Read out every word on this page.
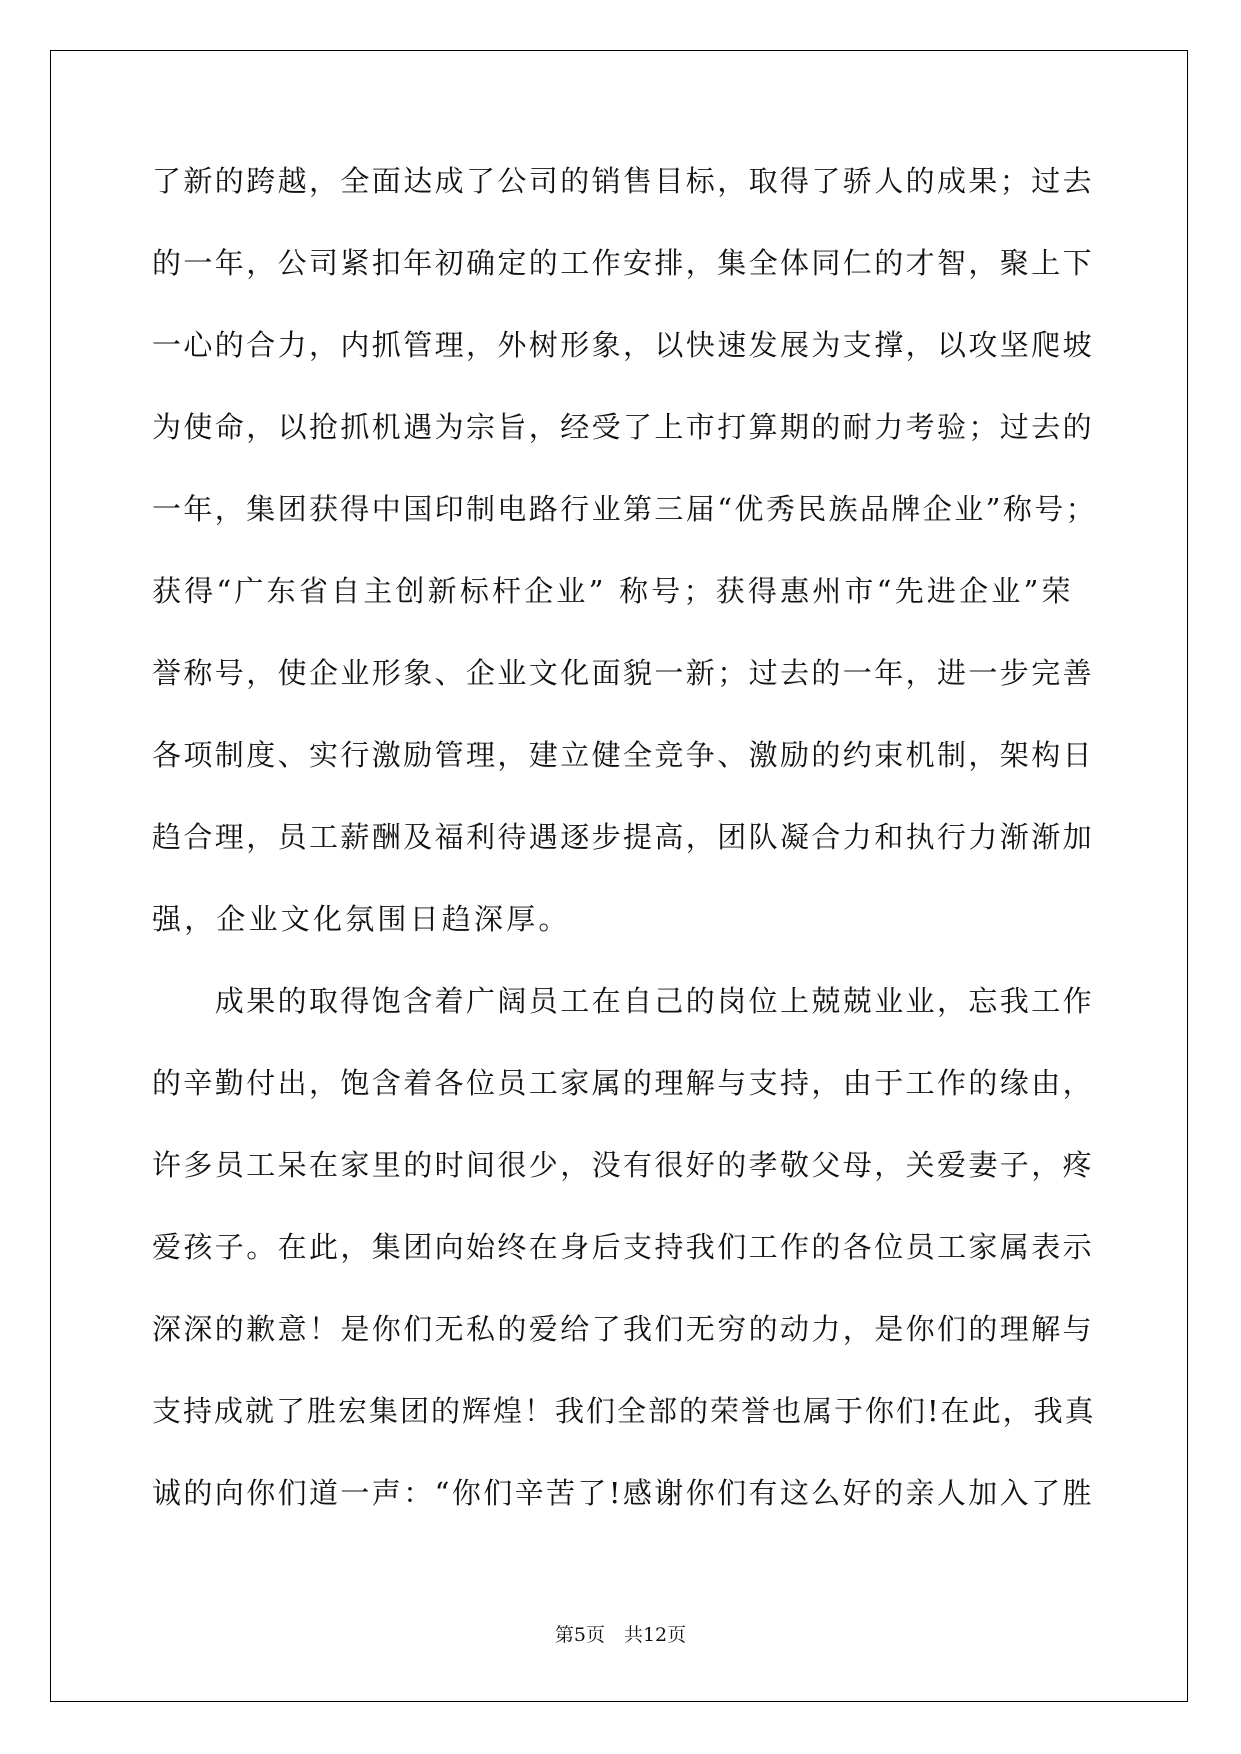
了新的跨越，全面达成了公司的销售目标，取得了骄人的成果；过去
的一年，公司紧扣年初确定的工作安排，集全体同仁的才智，聚上下
一心的合力，内抓管理，外树形象，以快速发展为支撑，以攻坚爬坡
为使命，以抢抓机遇为宗旨，经受了上市打算期的耐力考验；过去的
一年，集团获得中国印制电路行业第三届“优秀民族品牌企业”称号；
获得“广东省自主创新标杆企业” 称号；获得惠州市“先进企业”荣
誉称号，使企业形象、企业文化面貌一新；过去的一年，进一步完善
各项制度、实行激励管理，建立健全竞争、激励的约束机制，架构日
趋合理，员工薪酬及福利待遇逐步提高，团队凝合力和执行力渐渐加
强，企业文化氛围日趋深厚。
　　成果的取得饱含着广阔员工在自己的岗位上兢兢业业，忘我工作
的辛勤付出，饱含着各位员工家属的理解与支持，由于工作的缘由，
许多员工呆在家里的时间很少，没有很好的孝敬父母，关爱妻子，疼
爱孩子。在此，集团向始终在身后支持我们工作的各位员工家属表示
深深的歉意！是你们无私的爱给了我们无穷的动力，是你们的理解与
支持成就了胜宏集团的辉煌！我们全部的荣誉也属于你们!在此，我真
诚的向你们道一声：“你们辛苦了!感谢你们有这么好的亲人加入了胜
第5页　共12页
